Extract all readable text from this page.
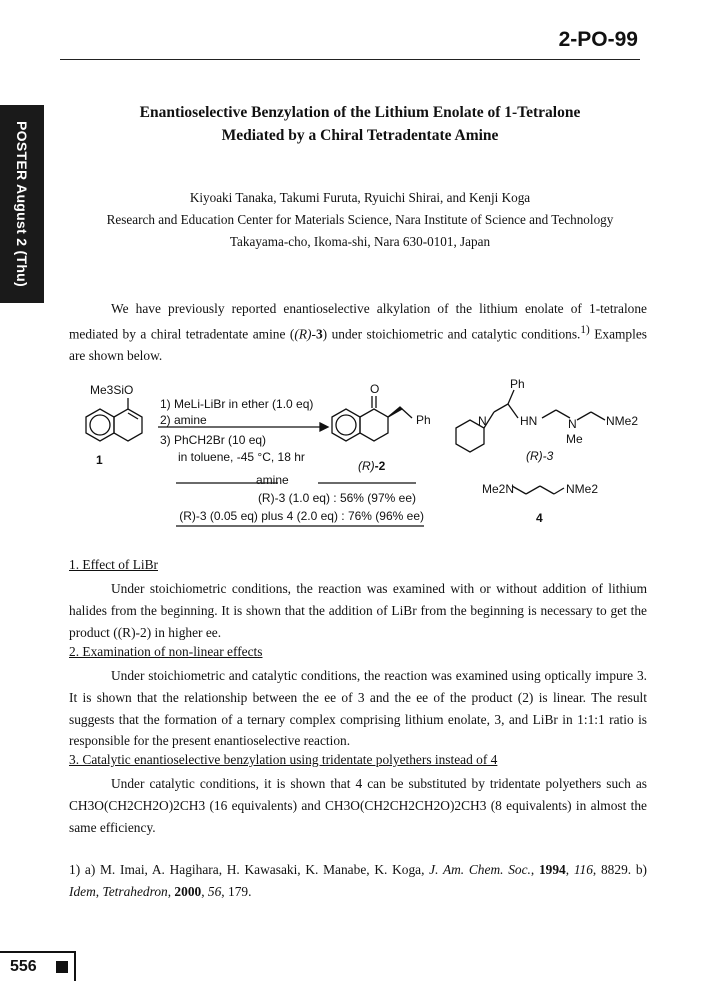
2-PO-99
POSTER August 2 (Thu)
Enantioselective Benzylation of the Lithium Enolate of 1-Tetralone
Mediated by a Chiral Tetradentate Amine
Kiyoaki Tanaka, Takumi Furuta, Ryuichi Shirai, and Kenji Koga
Research and Education Center for Materials Science, Nara Institute of Science and Technology
Takayama-cho, Ikoma-shi, Nara 630-0101, Japan
We have previously reported enantioselective alkylation of the lithium enolate of 1-tetralone mediated by a chiral tetradentate amine ((R)-3) under stoichiometric and catalytic conditions.$^{1)}$ Examples are shown below.
Me3SiO
1
1) MeLi-LiBr in ether (1.0 eq)
2) amine
3) PhCH2Br (10 eq)
in toluene, -45 °C, 18 hr
O
Ph
(R)-2
amine
(R)-3 (1.0 eq) : 56% (97% ee)
(R)-3 (0.05 eq) plus 4 (2.0 eq) : 76% (96% ee)
Ph
N	HN	N
Me
NMe2
(R)-3
Me2N	NMe2
4
1. Effect of LiBr
Under stoichiometric conditions, the reaction was examined with or without addition of lithium halides from the beginning. It is shown that the addition of LiBr from the beginning is necessary to get the product ((R)-2) in higher ee.
2. Examination of non-linear effects
Under stoichiometric and catalytic conditions, the reaction was examined using optically impure 3. It is shown that the relationship between the ee of 3 and the ee of the product (2) is linear. The result suggests that the formation of a ternary complex comprising lithium enolate, 3, and LiBr in 1:1:1 ratio is responsible for the present enantioselective reaction.
3. Catalytic enantioselective benzylation using tridentate polyethers instead of 4
Under catalytic conditions, it is shown that 4 can be substituted by tridentate polyethers such as CH3O(CH2CH2O)2CH3 (16 equivalents) and CH3O(CH2CH2CH2O)2CH3 (8 equivalents) in almost the same efficiency.
1) a) M. Imai, A. Hagihara, H. Kawasaki, K. Manabe, K. Koga, J. Am. Chem. Soc., 1994, 116, 8829. b) Idem, Tetrahedron, 2000, 56, 179.
556
